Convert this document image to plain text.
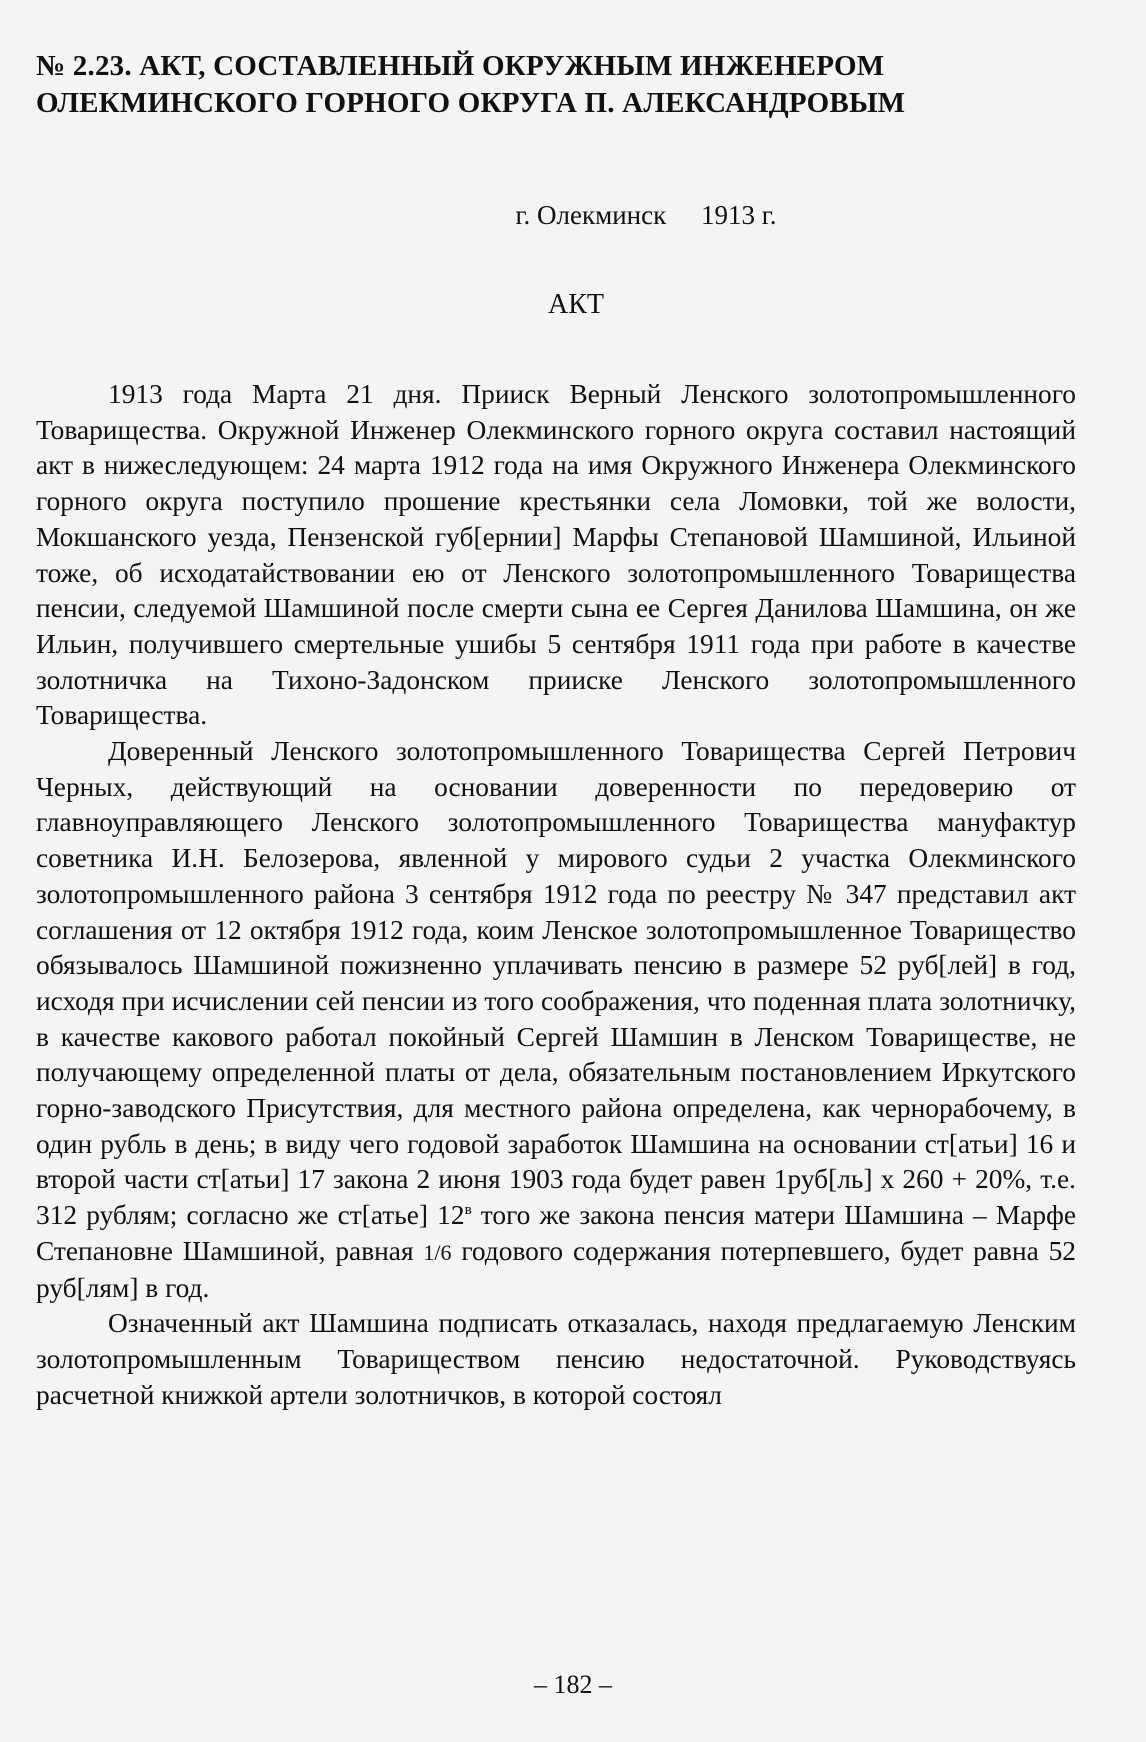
№ 2.23. АКТ, СОСТАВЛЕННЫЙ ОКРУЖНЫМ ИНЖЕНЕРОМ
ОЛЕКМИНСКОГО ГОРНОГО ОКРУГА П. АЛЕКСАНДРОВЫМ
г. Олекминск 1913 г.
АКТ

1913 года Марта 21 дня. Прииск Верный Ленского золотопромышленного Товарищества. Окружной Инженер Олекминского горного округа составил настоящий акт в нижеследующем: 24 марта 1912 года на имя Окружного Инженера Олекминского горного округа поступило прошение крестьянки села Ломовки, той же волости, Мокшанского уезда, Пензенской губ[ернии] Марфы Степановой Шамшиной, Ильиной тоже, об исходатайствовании ею от Ленского золотопромышленного Товарищества пенсии, следуемой Шамшиной после смерти сына ее Сергея Данилова Шамшина, он же Ильин, получившего смертельные ушибы 5 сентября 1911 года при работе в качестве золотничка на Тихоно-Задонском прииске Ленского золотопромышленного Товарищества.

Доверенный Ленского золотопромышленного Товарищества Сергей Петрович Черных, действующий на основании доверенности по передоверию от главноуправляющего Ленского золотопромышленного Товарищества мануфактур советника И.Н. Белозерова, явленной у мирового судьи 2 участка Олекминского золотопромышленного района 3 сентября 1912 года по реестру № 347 представил акт соглашения от 12 октября 1912 года, коим Ленское золотопромышленное Товарищество обязывалось Шамшиной пожизненно уплачивать пенсию в размере 52 руб[лей] в год, исходя при исчислении сей пенсии из того соображения, что поденная плата золотничку, в качестве какового работал покойный Сергей Шамшин в Ленском Товариществе, не получающему определенной платы от дела, обязательным постановлением Иркутского горно-заводского Присутствия, для местного района определена, как чернорабочему, в один рубль в день; в виду чего годовой заработок Шамшина на основании ст[атьи] 16 и второй части ст[атьи] 17 закона 2 июня 1903 года будет равен 1руб[ль] х 260 + 20%, т.е. 312 рублям; согласно же ст[атье] $12^в$ того же закона пенсия матери Шамшина – Марфе Степановне Шамшиной, равная 1/6 годового содержания потерпевшего, будет равна 52 руб[лям] в год.

Означенный акт Шамшина подписать отказалась, находя предлагаемую Ленским золотопромышленным Товариществом пенсию недостаточной. Руководствуясь расчетной книжкой артели золотничков, в которой состоял

– 182 –
